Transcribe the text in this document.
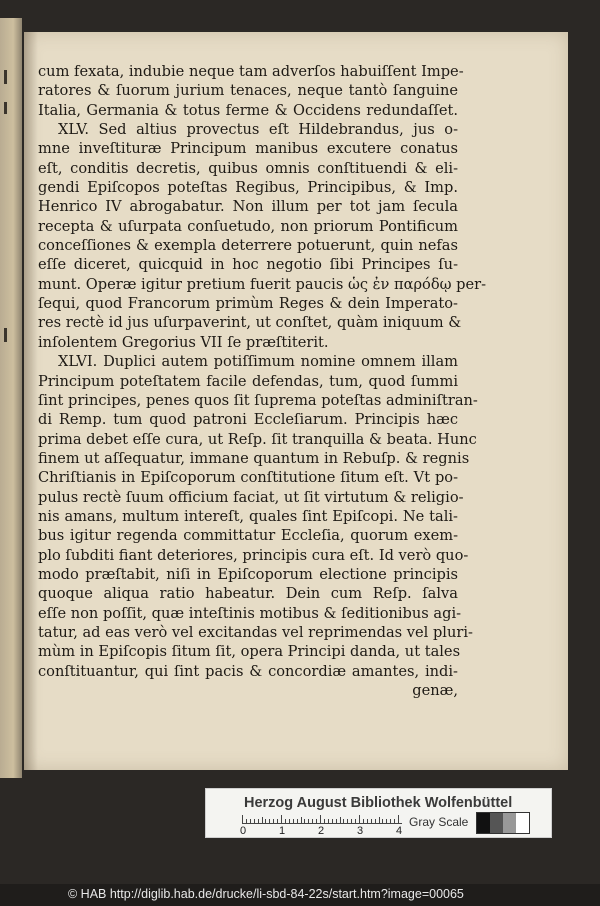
cum fexata, indubie neque tam adverſos habuiſſent Impe-
ratores & ſuorum jurium tenaces, neque tantò ſanguine
Italia, Germania & totus ferme & Occidens redundaſſet.
XLV. Sed altius provectus eſt Hildebrandus, jus o-
mne inveſtituræ Principum manibus excutere conatus
eſt, conditis decretis, quibus omnis conſtituendi & eli-
gendi Epiſcopos poteſtas Regibus, Principibus, & Imp.
Henrico IV abrogabatur. Non illum per tot jam ſecula
recepta & uſurpata conſuetudo, non priorum Pontificum
conceſſiones & exempla deterrere potuerunt, quin nefas
eſſe diceret, quicquid in hoc negotio ſibi Principes ſu-
munt. Operæ igitur pretium fuerit paucis ὡς ἐν παρόδῳ per-
ſequi, quod Francorum primùm Reges & dein Imperato-
res rectè id jus uſurpaverint, ut conſtet, quàm iniquum &
inſolentem Gregorius VII ſe præſtiterit.
XLVI. Duplici autem potiſſimum nomine omnem illam
Principum poteſtatem facile defendas, tum, quod ſummi
ſint principes, penes quos ſit ſuprema poteſtas adminiſtran-
di Remp. tum quod patroni Eccleſiarum. Principis hæc
prima debet eſſe cura, ut Reſp. ſit tranquilla & beata. Hunc
finem ut aſſequatur, immane quantum in Rebuſp. & regnis
Chriſtianis in Epiſcoporum conſtitutione ſitum eſt. Vt po-
pulus rectè ſuum officium faciat, ut ſit virtutum & religio-
nis amans, multum intereſt, quales ſint Epiſcopi. Ne tali-
bus igitur regenda committatur Eccleſia, quorum exem-
plo ſubditi fiant deteriores, principis cura eſt. Id verò quo-
modo præſtabit, niſi in Epiſcoporum electione principis
quoque aliqua ratio habeatur. Dein cum Reſp. ſalva
eſſe non poſſit, quæ inteſtinis motibus & ſeditionibus agi-
tatur, ad eas verò vel excitandas vel reprimendas vel pluri-
mùm in Epiſcopis ſitum ſit, opera Principi danda, ut tales
conſtituantur, qui ſint pacis & concordiæ amantes, indi-
genæ,
Herzog August Bibliothek Wolfenbüttel
0	1	2	3	4
Gray Scale
© HAB http://diglib.hab.de/drucke/li-sbd-84-22s/start.htm?image=00065
